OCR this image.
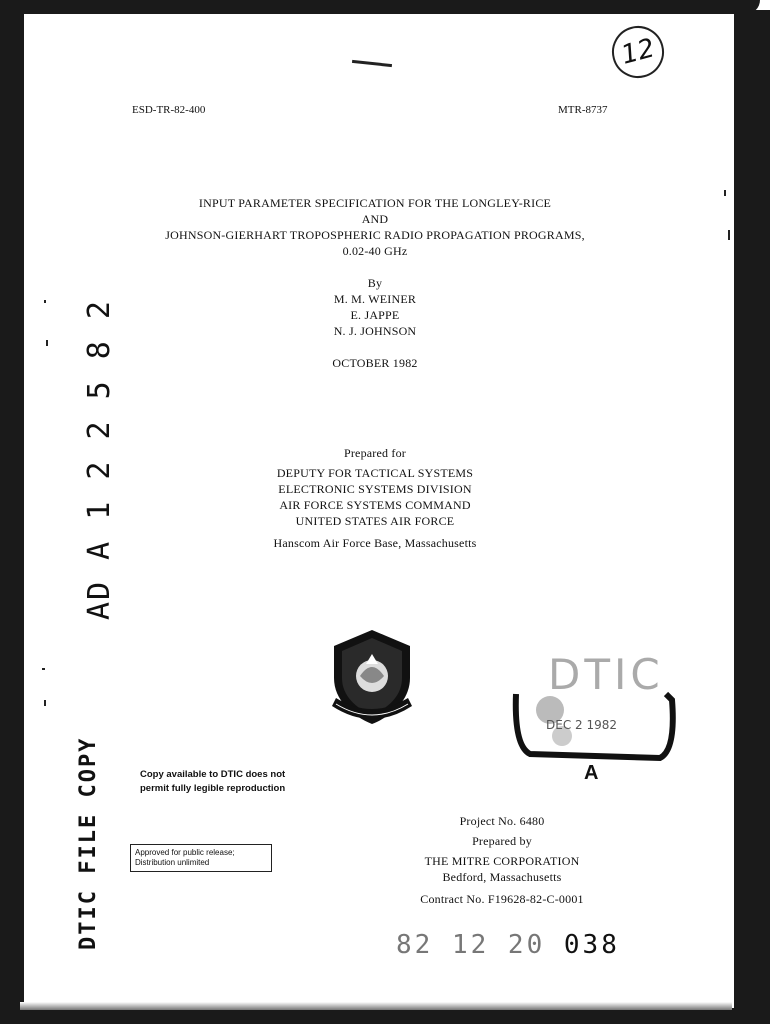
12
ESD-TR-82-400	MTR-8737
INPUT PARAMETER SPECIFICATION FOR THE LONGLEY-RICE
AND
JOHNSON-GIERHART TROPOSPHERIC RADIO PROPAGATION PROGRAMS,
0.02-40 GHz
By
M. M. WEINER
E. JAPPE
N. J. JOHNSON
OCTOBER 1982
AD A 1 2 2 5 8 2	Prepared for
DEPUTY FOR TACTICAL SYSTEMS
ELECTRONIC SYSTEMS DIVISION
AIR FORCE SYSTEMS COMMAND
UNITED STATES AIR FORCE
Hanscom Air Force Base, Massachusetts
DTIC
DEC 2 1982
A
Copy available to DTIC does not
permit fully legible reproduction
Approved for public release;
Distribution unlimited
DTIC FILE COPY	Project No. 6480
Prepared by
THE MITRE CORPORATION
Bedford, Massachusetts
Contract No. F19628-82-C-0001
82 12 20 038
